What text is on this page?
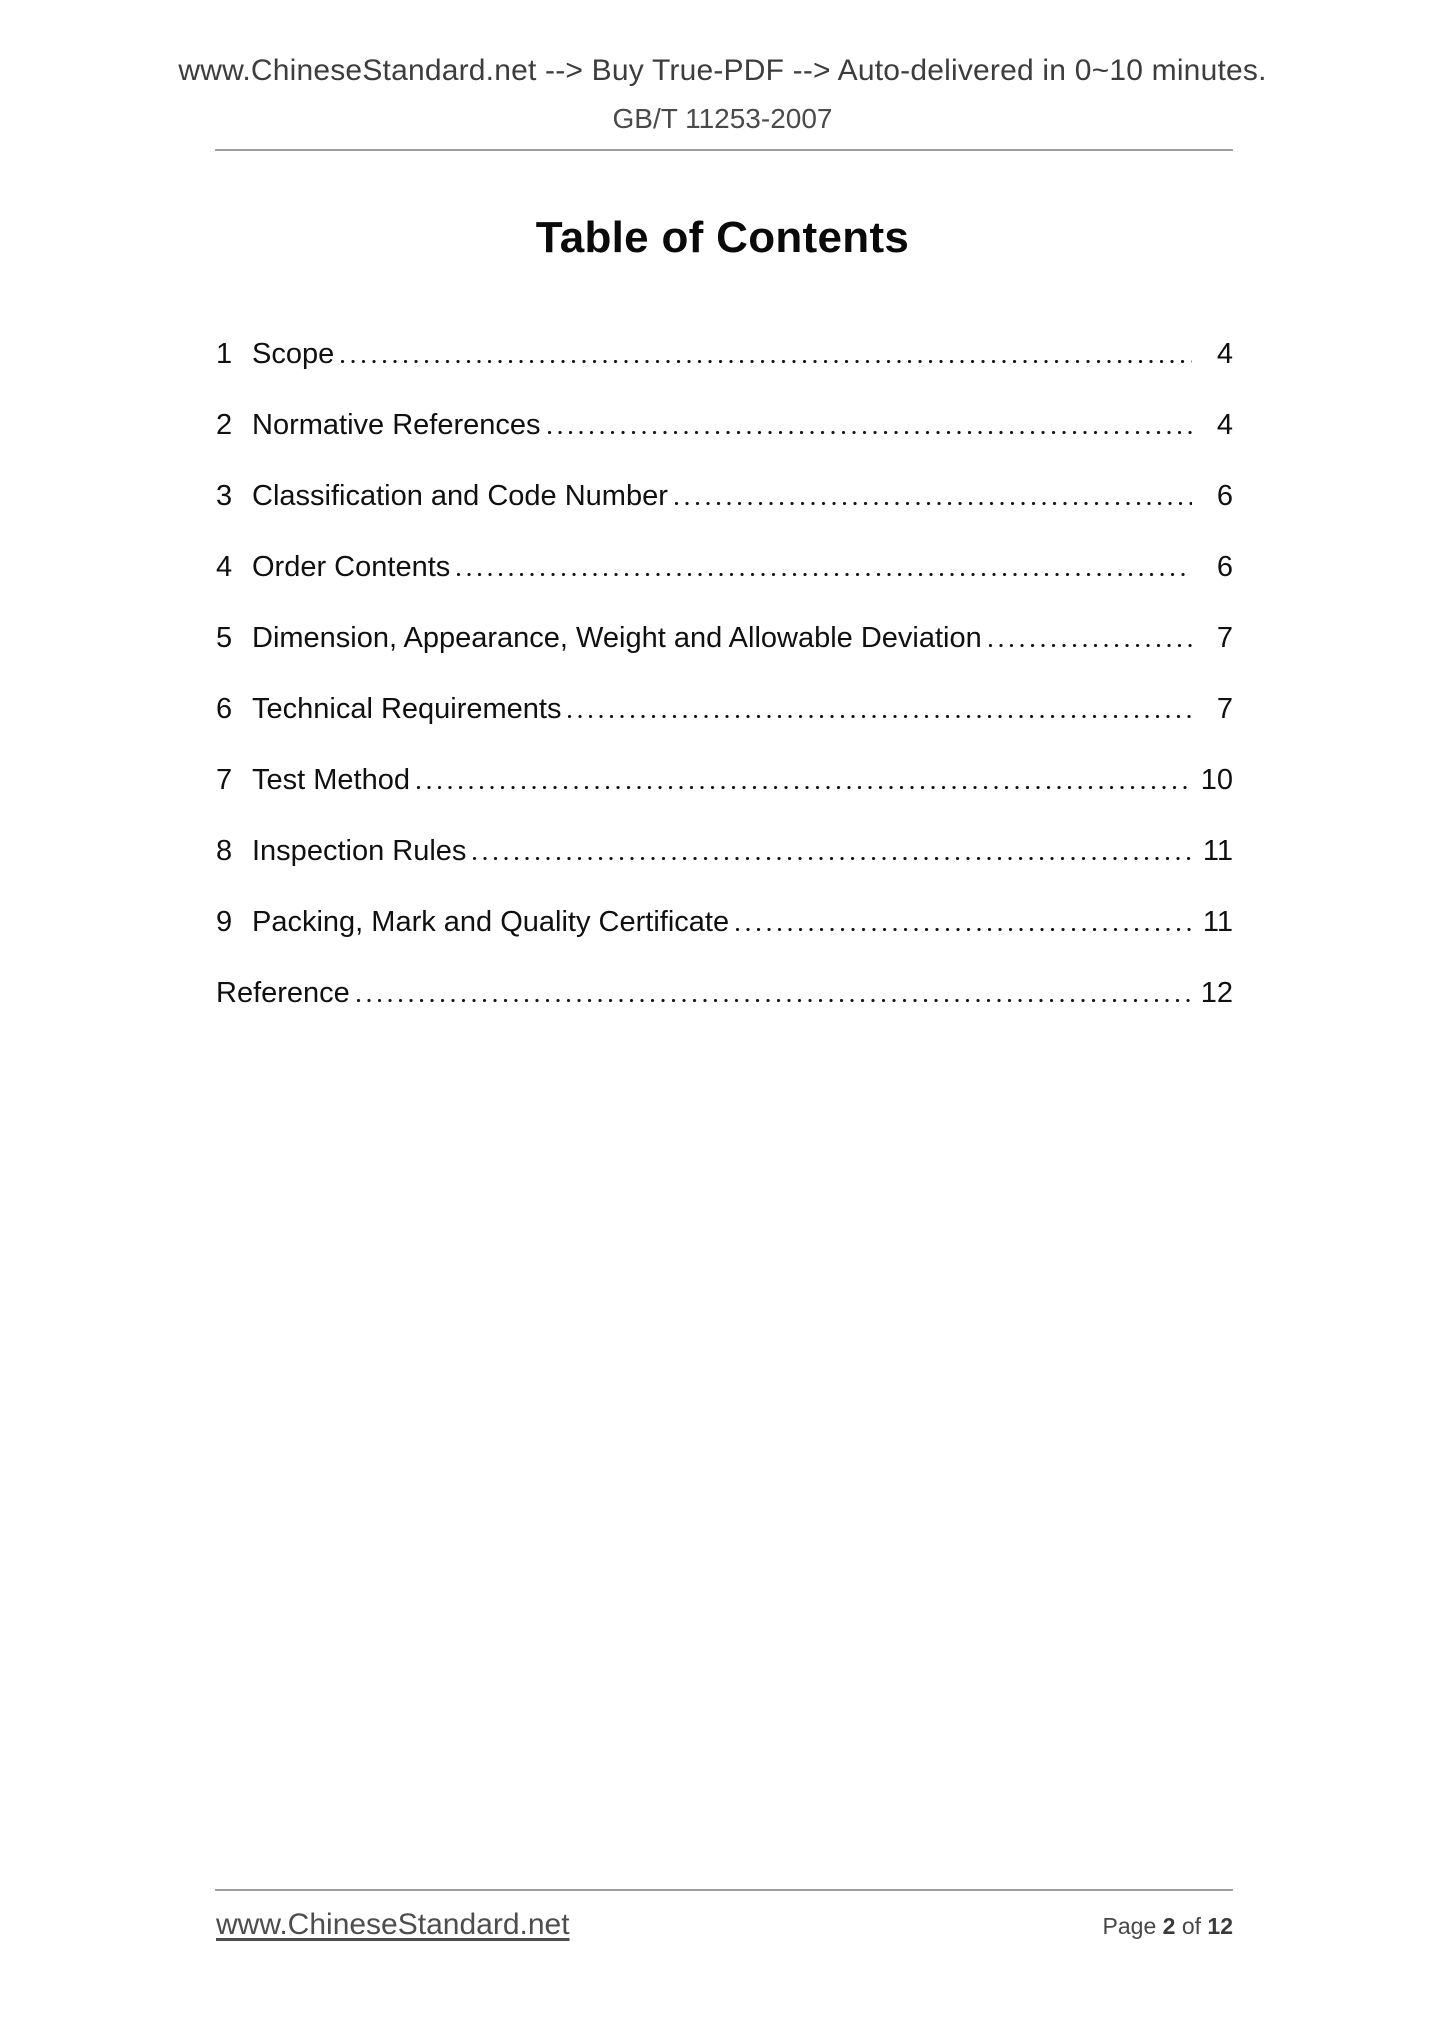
www.ChineseStandard.net --> Buy True-PDF --> Auto-delivered in 0~10 minutes.
GB/T 11253-2007
Table of Contents
1 Scope	4
2 Normative References	4
3 Classification and Code Number	6
4 Order Contents	6
5 Dimension, Appearance, Weight and Allowable Deviation	7
6 Technical Requirements	7
7 Test Method	10
8 Inspection Rules	11
9 Packing, Mark and Quality Certificate	11
Reference	12
www.ChineseStandard.net	Page 2 of 12
